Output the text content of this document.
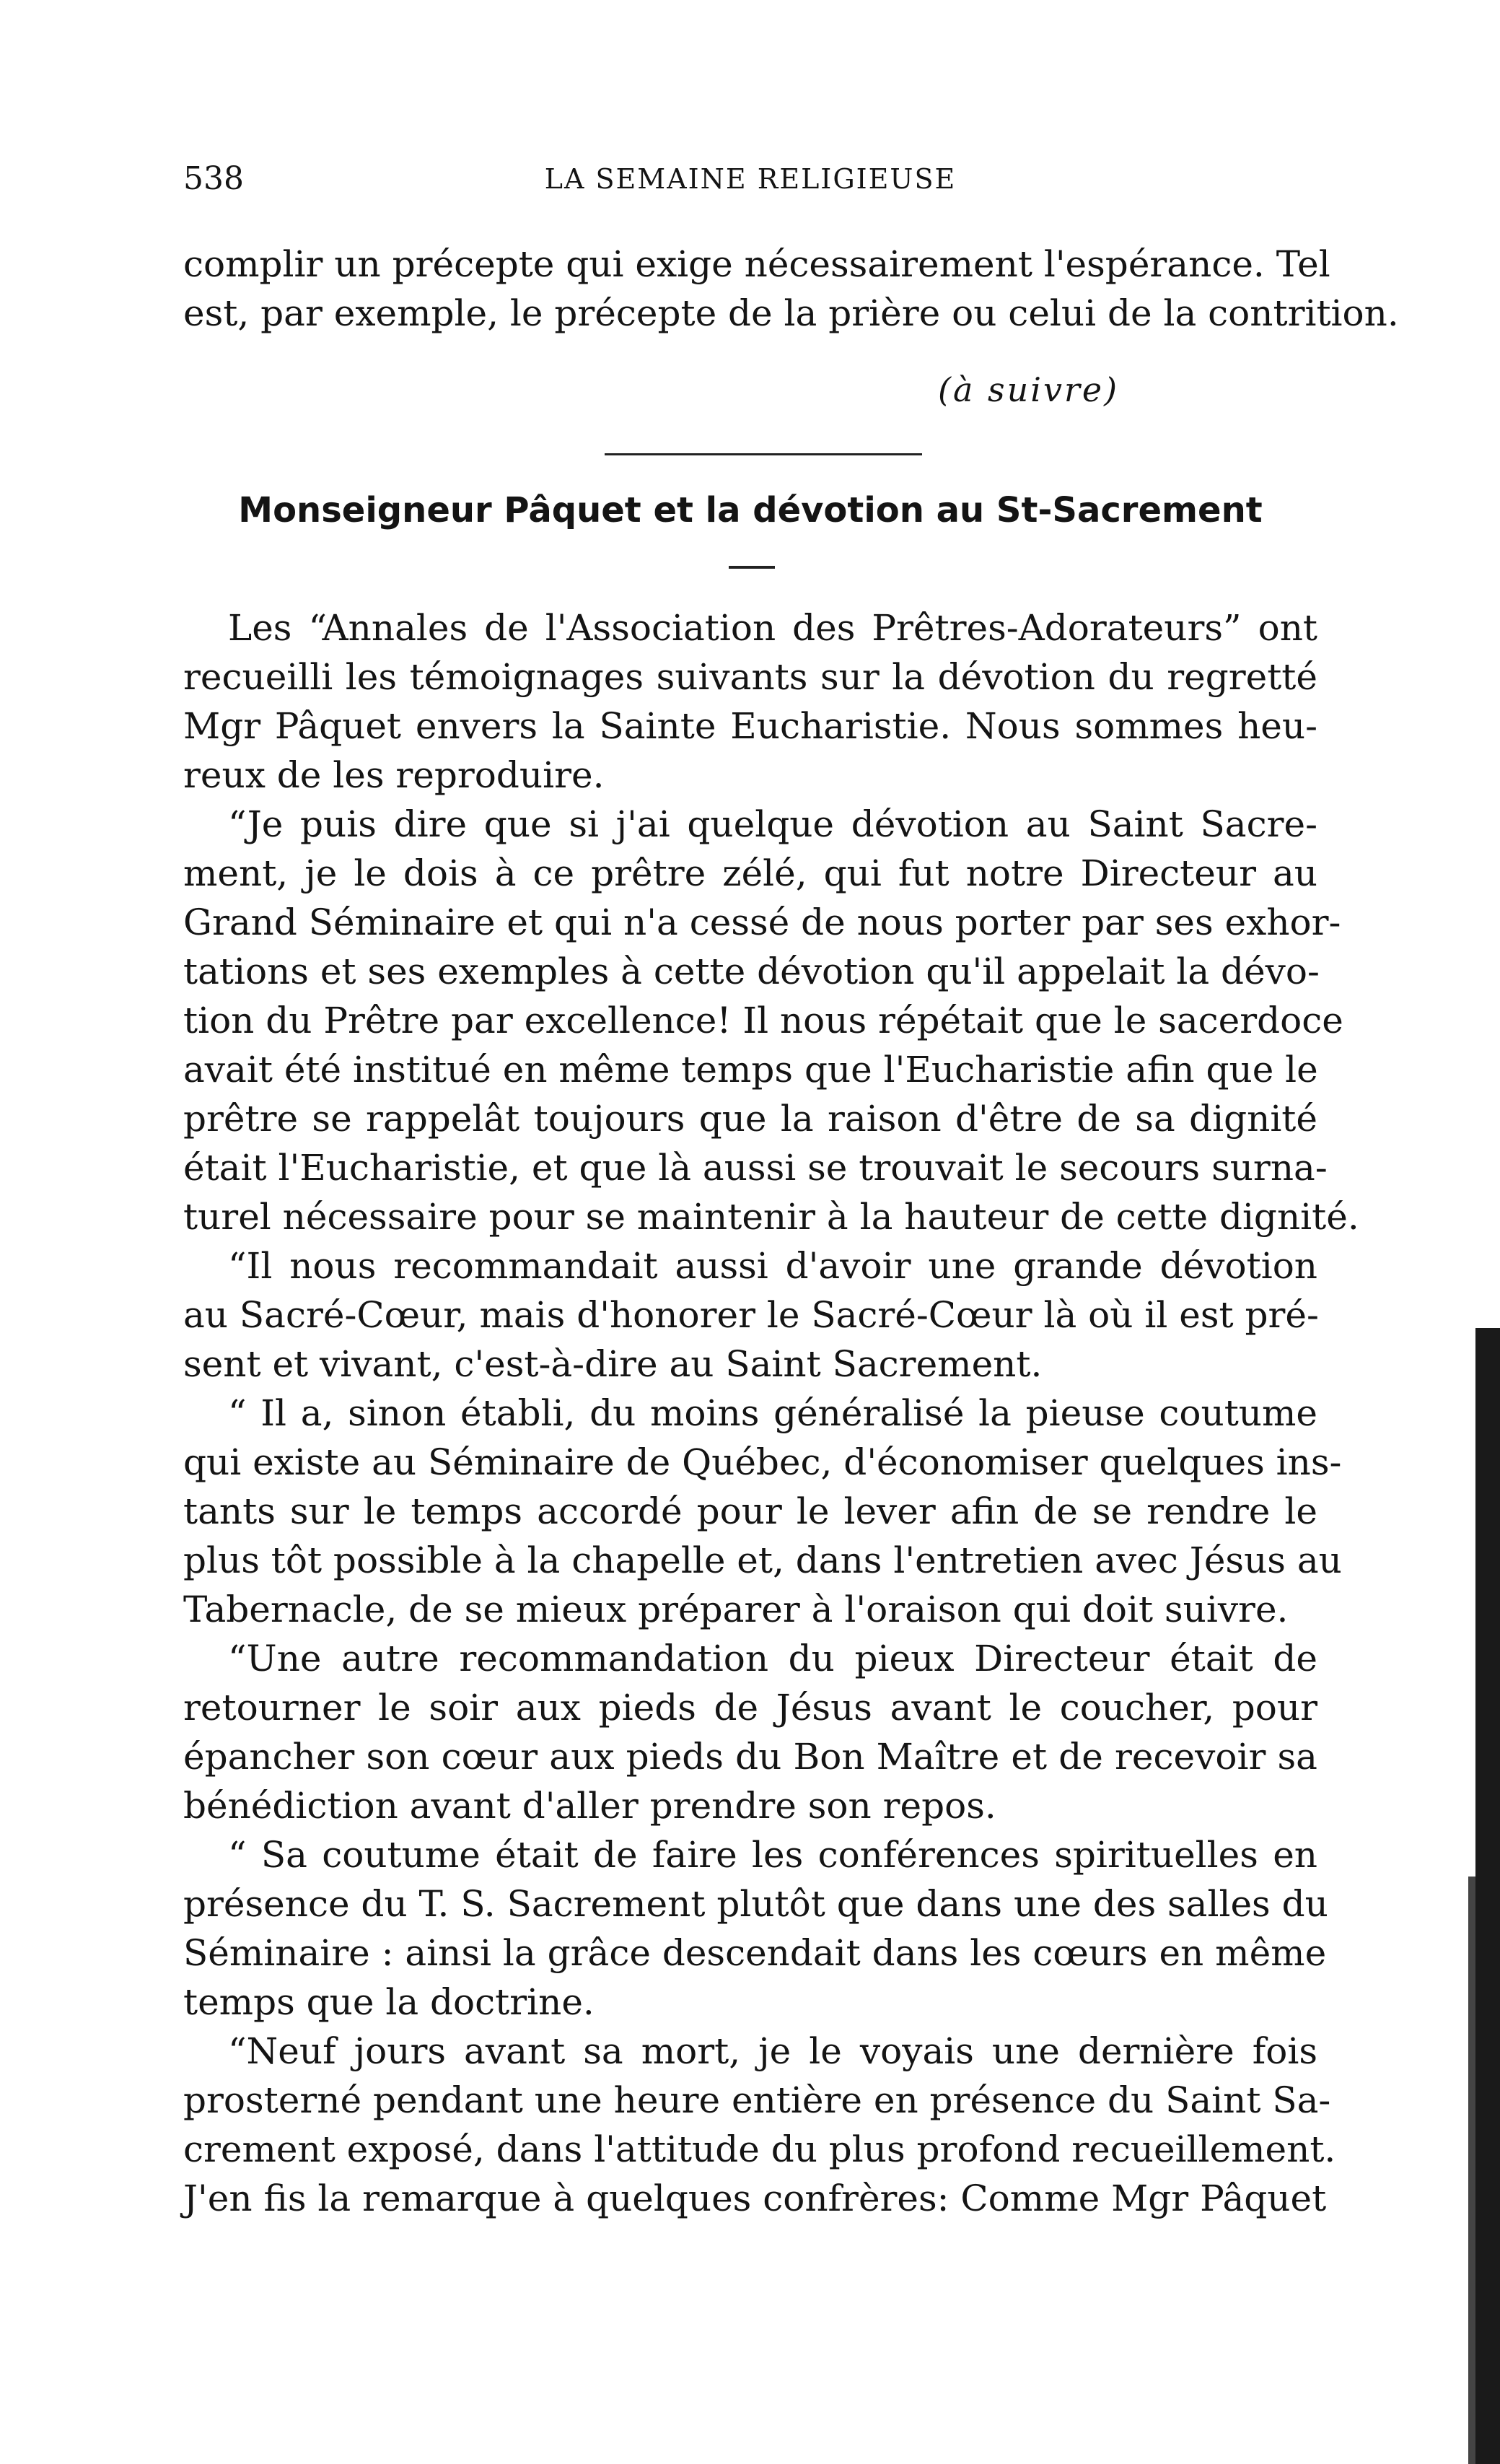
538	LA SEMAINE RELIGIEUSE
complir un précepte qui exige nécessairement l'espérance. Tel
est, par exemple, le précepte de la prière ou celui de la contrition.
(à suivre)
Monseigneur Pâquet et la dévotion au St-Sacrement
Les “Annales de l'Association des Prêtres-Adorateurs” ont
recueilli les témoignages suivants sur la dévotion du regretté
Mgr Pâquet envers la Sainte Eucharistie. Nous sommes heu-
reux de les reproduire.
“Je puis dire que si j'ai quelque dévotion au Saint Sacre-
ment, je le dois à ce prêtre zélé, qui fut notre Directeur au
Grand Séminaire et qui n'a cessé de nous porter par ses exhor-
tations et ses exemples à cette dévotion qu'il appelait la dévo-
tion du Prêtre par excellence! Il nous répétait que le sacerdoce
avait été institué en même temps que l'Eucharistie afin que le
prêtre se rappelât toujours que la raison d'être de sa dignité
était l'Eucharistie, et que là aussi se trouvait le secours surna-
turel nécessaire pour se maintenir à la hauteur de cette dignité.
“Il nous recommandait aussi d'avoir une grande dévotion
au Sacré-Cœur, mais d'honorer le Sacré-Cœur là où il est pré-
sent et vivant, c'est-à-dire au Saint Sacrement.
“ Il a, sinon établi, du moins généralisé la pieuse coutume
qui existe au Séminaire de Québec, d'économiser quelques ins-
tants sur le temps accordé pour le lever afin de se rendre le
plus tôt possible à la chapelle et, dans l'entretien avec Jésus au
Tabernacle, de se mieux préparer à l'oraison qui doit suivre.
“Une autre recommandation du pieux Directeur était de
retourner le soir aux pieds de Jésus avant le coucher, pour
épancher son cœur aux pieds du Bon Maître et de recevoir sa
bénédiction avant d'aller prendre son repos.
“ Sa coutume était de faire les conférences spirituelles en
présence du T. S. Sacrement plutôt que dans une des salles du
Séminaire : ainsi la grâce descendait dans les cœurs en même
temps que la doctrine.
“Neuf jours avant sa mort, je le voyais une dernière fois
prosterné pendant une heure entière en présence du Saint Sa-
crement exposé, dans l'attitude du plus profond recueillement.
J'en fis la remarque à quelques confrères: Comme Mgr Pâquet
